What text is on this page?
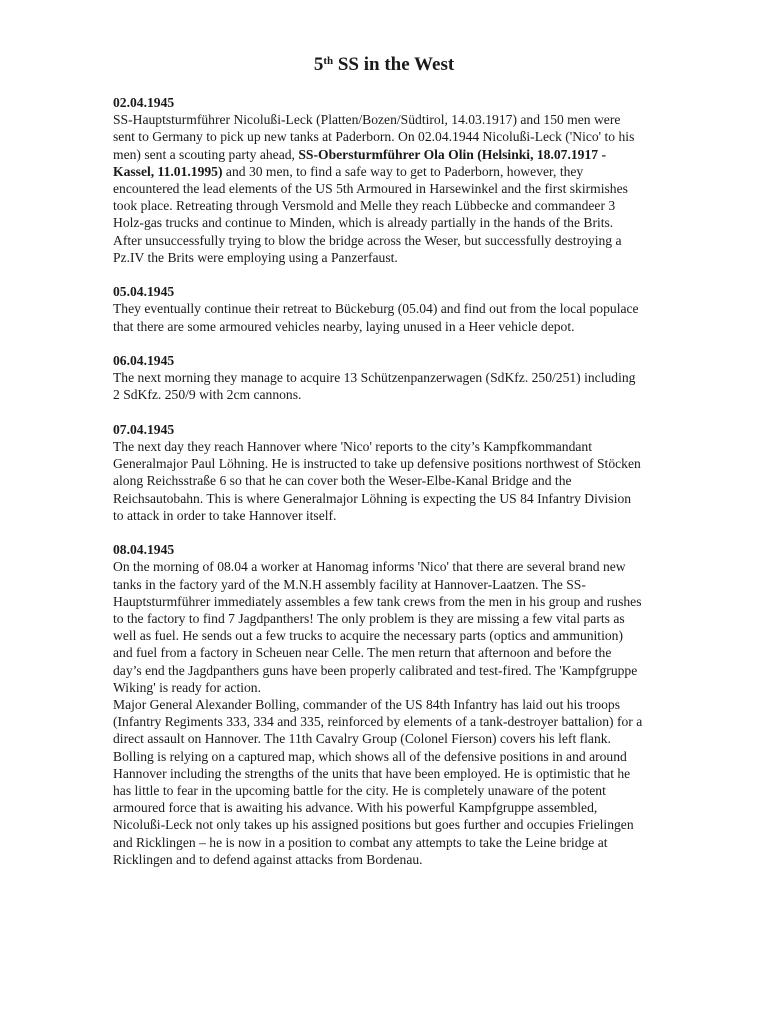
5th SS in the West
02.04.1945

SS-Hauptsturmführer Nicolußi-Leck (Platten/Bozen/Südtirol, 14.03.1917) and 150 men were sent to Germany to pick up new tanks at Paderborn. On 02.04.1944 Nicolußi-Leck ('Nico' to his men) sent a scouting party ahead, SS-Obersturmführer Ola Olin (Helsinki, 18.07.1917 - Kassel, 11.01.1995) and 30 men, to find a safe way to get to Paderborn, however, they encountered the lead elements of the US 5th Armoured in Harsewinkel and the first skirmishes took place. Retreating through Versmold and Melle they reach Lübbecke and commandeer 3 Holz-gas trucks and continue to Minden, which is already partially in the hands of the Brits. After unsuccessfully trying to blow the bridge across the Weser, but successfully destroying a Pz.IV the Brits were employing using a Panzerfaust.

05.04.1945

They eventually continue their retreat to Bückeburg (05.04) and find out from the local populace that there are some armoured vehicles nearby, laying unused in a Heer vehicle depot.

06.04.1945

The next morning they manage to acquire 13 Schützenpanzerwagen (SdKfz. 250/251) including 2 SdKfz. 250/9 with 2cm cannons.

07.04.1945

The next day they reach Hannover where 'Nico' reports to the city’s Kampfkommandant Generalmajor Paul Löhning. He is instructed to take up defensive positions northwest of Stöcken along Reichsstraße 6 so that he can cover both the Weser-Elbe-Kanal Bridge and the Reichsautobahn. This is where Generalmajor Löhning is expecting the US 84 Infantry Division to attack in order to take Hannover itself.

08.04.1945

On the morning of 08.04 a worker at Hanomag informs 'Nico' that there are several brand new tanks in the factory yard of the M.N.H assembly facility at Hannover-Laatzen. The SS-Hauptsturmführer immediately assembles a few tank crews from the men in his group and rushes to the factory to find 7 Jagdpanthers! The only problem is they are missing a few vital parts as well as fuel. He sends out a few trucks to acquire the necessary parts (optics and ammunition) and fuel from a factory in Scheuen near Celle. The men return that afternoon and before the day’s end the Jagdpanthers guns have been properly calibrated and test-fired. The 'Kampfgruppe Wiking' is ready for action.

Major General Alexander Bolling, commander of the US 84th Infantry has laid out his troops (Infantry Regiments 333, 334 and 335, reinforced by elements of a tank-destroyer battalion) for a direct assault on Hannover. The 11th Cavalry Group (Colonel Fierson) covers his left flank. Bolling is relying on a captured map, which shows all of the defensive positions in and around Hannover including the strengths of the units that have been employed. He is optimistic that he has little to fear in the upcoming battle for the city. He is completely unaware of the potent armoured force that is awaiting his advance. With his powerful Kampfgruppe assembled, Nicolußi-Leck not only takes up his assigned positions but goes further and occupies Frielingen and Ricklingen – he is now in a position to combat any attempts to take the Leine bridge at Ricklingen and to defend against attacks from Bordenau.
